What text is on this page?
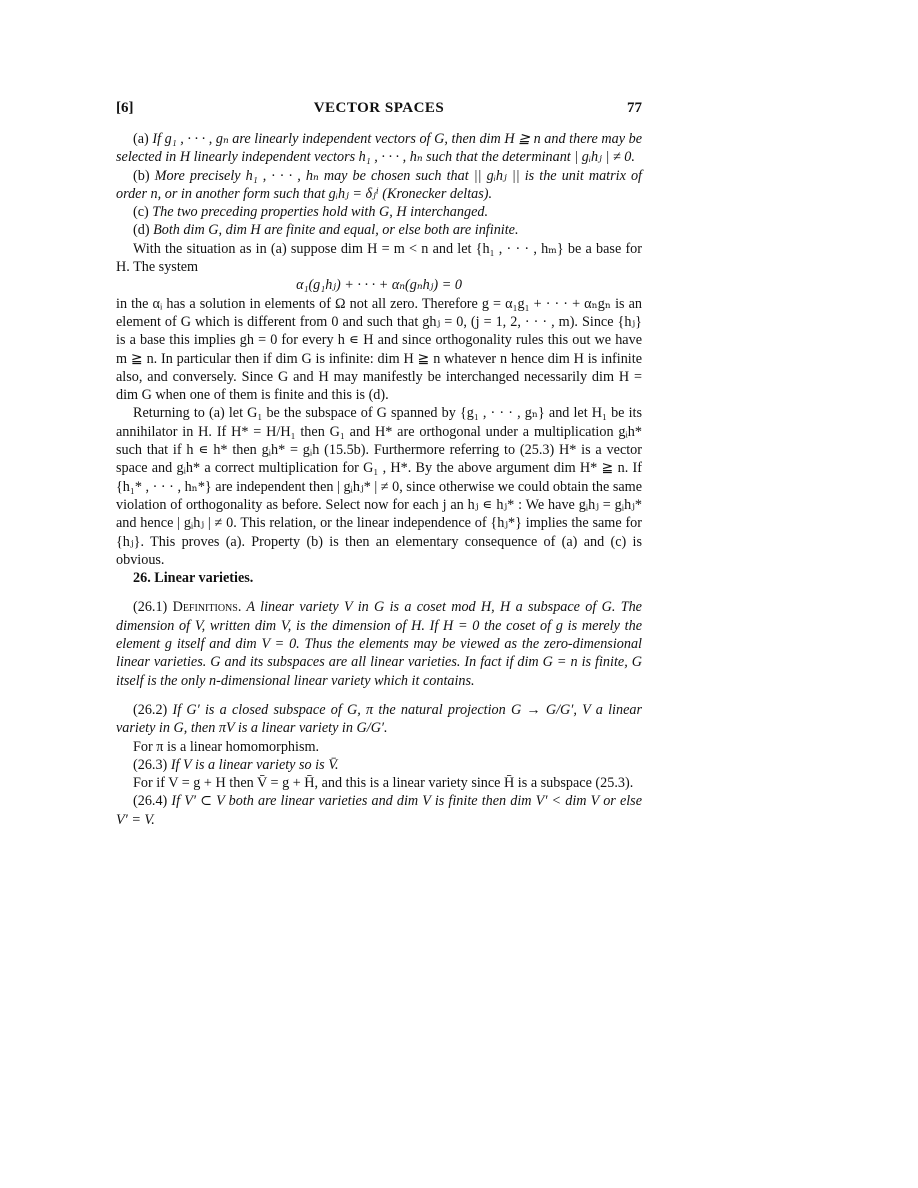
[6]	VECTOR SPACES	77

(a) If g₁ , · · · , gₙ are linearly independent vectors of G, then dim H ≧ n and there may be selected in H linearly independent vectors h₁ , · · · , hₙ such that the determinant | gᵢhⱼ | ≠ 0.

(b) More precisely h₁ , · · · , hₙ may be chosen such that || gᵢhⱼ || is the unit matrix of order n, or in another form such that gᵢhⱼ = δⱼⁱ (Kronecker deltas).

(c) The two preceding properties hold with G, H interchanged.

(d) Both dim G, dim H are finite and equal, or else both are infinite.

With the situation as in (a) suppose dim H = m < n and let {h₁ , · · · , hₘ} be a base for H. The system

α₁(g₁hⱼ) + · · · + αₙ(gₙhⱼ) = 0

in the αᵢ has a solution in elements of Ω not all zero. Therefore g = α₁g₁ + · · · + αₙgₙ is an element of G which is different from 0 and such that ghⱼ = 0, (j = 1, 2, · · · , m). Since {hⱼ} is a base this implies gh = 0 for every h ∊ H and since orthogonality rules this out we have m ≧ n. In particular then if dim G is infinite: dim H ≧ n whatever n hence dim H is infinite also, and conversely. Since G and H may manifestly be interchanged necessarily dim H = dim G when one of them is finite and this is (d).

Returning to (a) let G₁ be the subspace of G spanned by {g₁ , · · · , gₙ} and let H₁ be its annihilator in H. If H* = H/H₁ then G₁ and H* are orthogonal under a multiplication gᵢh* such that if h ∊ h* then gᵢh* = gᵢh (15.5b). Furthermore referring to (25.3) H* is a vector space and gᵢh* a correct multiplication for G₁ , H*. By the above argument dim H* ≧ n. If {h₁* , · · · , hₙ*} are independent then | gᵢhⱼ* | ≠ 0, since otherwise we could obtain the same violation of orthogonality as before. Select now for each j an hⱼ ∊ hⱼ* : We have gᵢhⱼ = gᵢhⱼ* and hence | gᵢhⱼ | ≠ 0. This relation, or the linear independence of {hⱼ*} implies the same for {hⱼ}. This proves (a). Property (b) is then an elementary consequence of (a) and (c) is obvious.

26. Linear varieties.

(26.1) Definitions. A linear variety V in G is a coset mod H, H a subspace of G. The dimension of V, written dim V, is the dimension of H. If H = 0 the coset of g is merely the element g itself and dim V = 0. Thus the elements may be viewed as the zero-dimensional linear varieties. G and its subspaces are all linear varieties. In fact if dim G = n is finite, G itself is the only n-dimensional linear variety which it contains.

(26.2) If G′ is a closed subspace of G, π the natural projection G → G/G′, V a linear variety in G, then πV is a linear variety in G/G′.

For π is a linear homomorphism.

(26.3) If V is a linear variety so is V̄.

For if V = g + H then V̄ = g + H̄, and this is a linear variety since H̄ is a subspace (25.3).

(26.4) If V′ ⊂ V both are linear varieties and dim V is finite then dim V′ < dim V or else V′ = V.
